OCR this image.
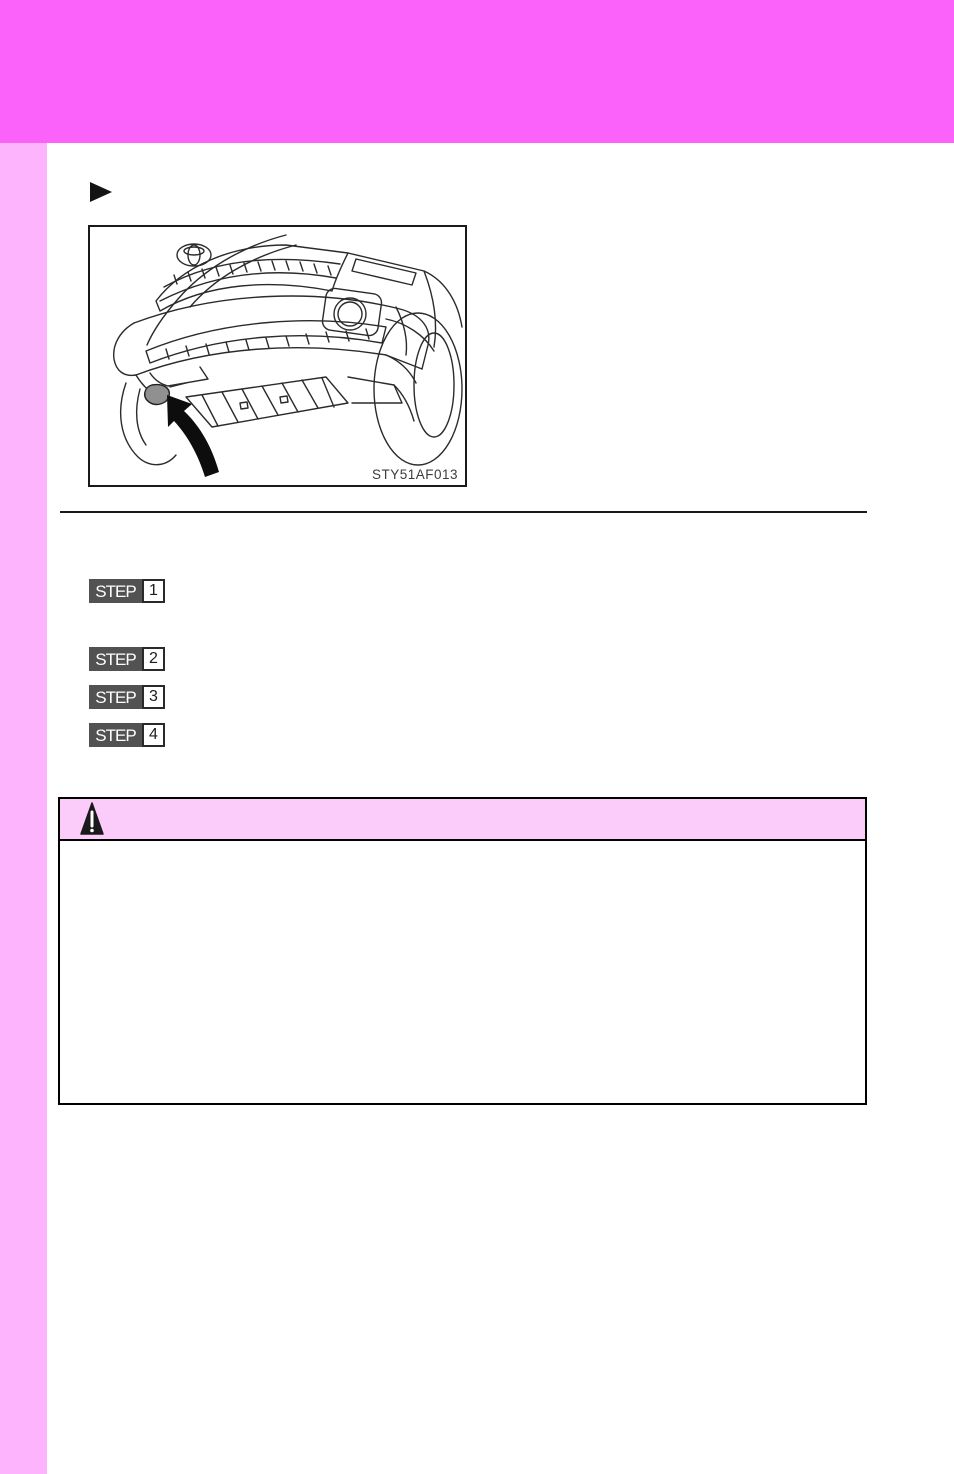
STY51AF013
STEP 1
STEP 2
STEP 3
STEP 4
